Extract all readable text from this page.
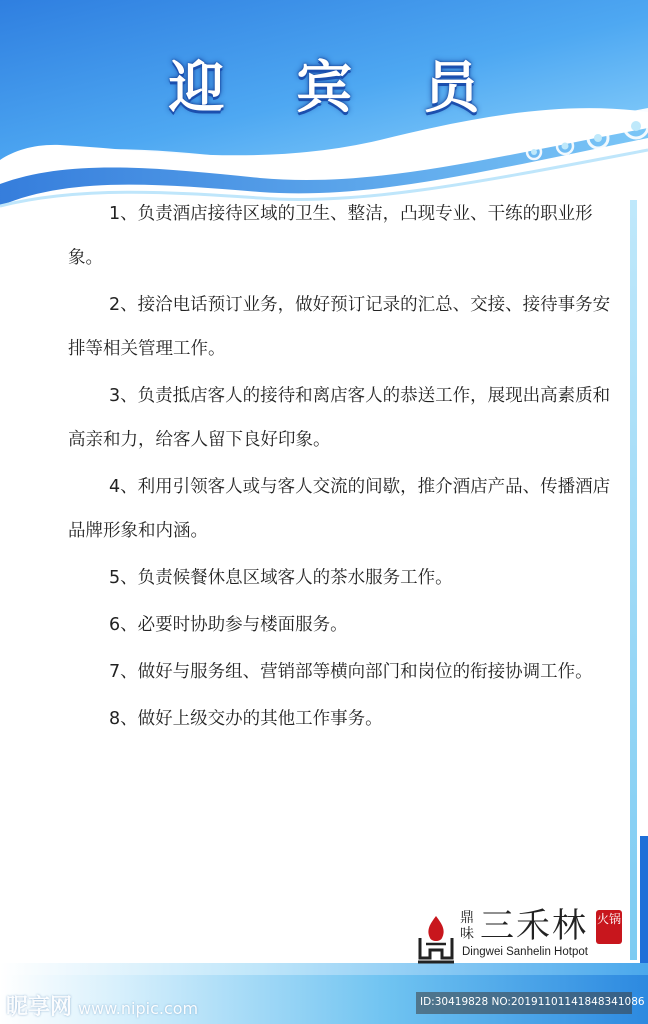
迎 宾 员

1、负责酒店接待区域的卫生、整洁，凸现专业、干练的职业形象。

2、接洽电话预订业务，做好预订记录的汇总、交接、接待事务安排等相关管理工作。

3、负责抵店客人的接待和离店客人的恭送工作，展现出高素质和高亲和力，给客人留下良好印象。

4、利用引领客人或与客人交流的间歇，推介酒店产品、传播酒店品牌形象和内涵。

5、负责候餐休息区域客人的茶水服务工作。

6、必要时协助参与楼面服务。

7、做好与服务组、营销部等横向部门和岗位的衔接协调工作。

8、做好上级交办的其他工作事务。

鼎味 三禾林 火锅
Dingwei Sanhelin Hotpot
昵享网 www.nipic.com	ID:30419828 NO:20191101141848341086
